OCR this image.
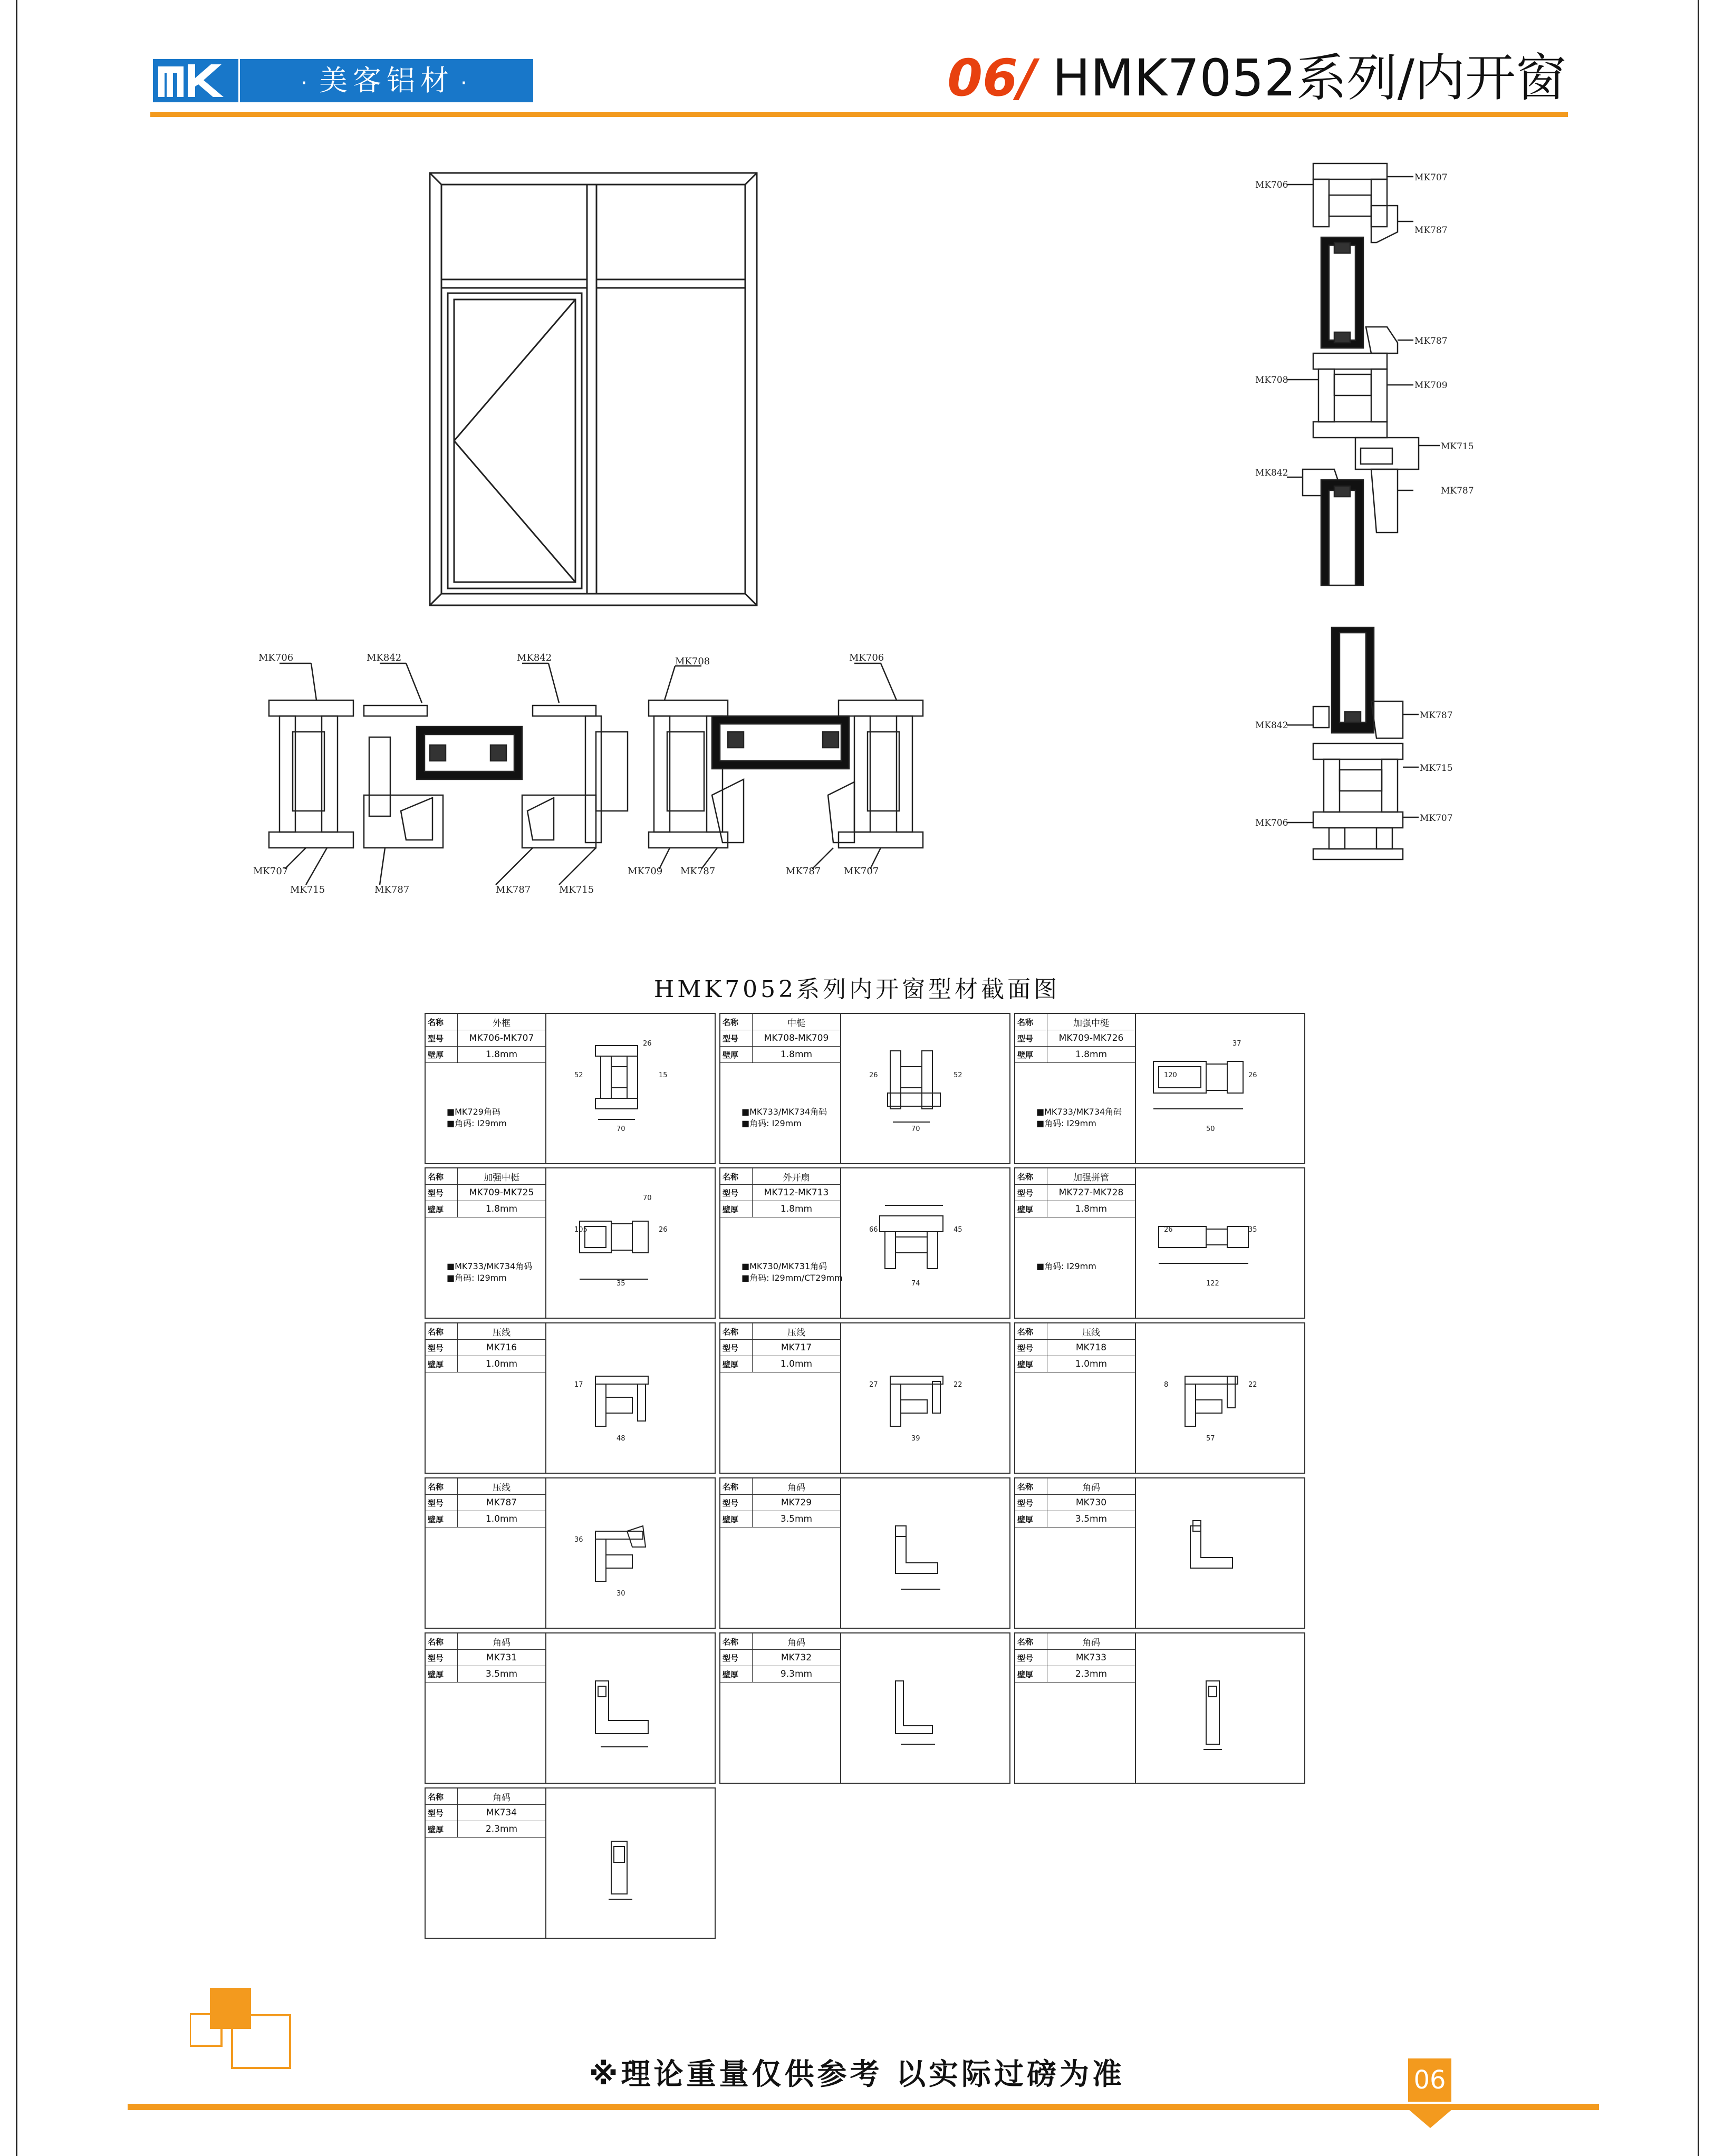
· 美客铝材 ·	06/ HMK7052系列/内开窗
MK706	MK842	MK842	MK708	MK706
MK707
MK715	MK787	MK787	MK715
MK709 MK787	MK787 MK707
MK707
MK706
MK787
MK787
MK708	MK709
MK715
MK842
MK787
MK787
MK842
MK715
MK706	MK707
HMK7052系列内开窗型材截面图
名称	外框
型号	MK706-MK707
壁厚	1.8mm
■MK729角码
■角码: I29mm
70
52	15
26
名称	中梃
型号	MK708-MK709
壁厚	1.8mm
■MK733/MK734角码
■角码: I29mm
70
26	52
名称	加强中梃
型号	MK709-MK726
壁厚	1.8mm
■MK733/MK734角码
■角码: I29mm
50
120	26
37
名称	加强中梃
型号	MK709-MK725
壁厚	1.8mm
■MK733/MK734角码
■角码: I29mm
35
105	26
70
名称	外开扇
型号	MK712-MK713
壁厚	1.8mm
■MK730/MK731角码
■角码: I29mm/CT29mm
74
66	45
名称	加强拼管
型号	MK727-MK728
壁厚	1.8mm
■角码: I29mm
122
26	35
名称	压线
型号	MK716
壁厚	1.0mm
48
17
名称	压线
型号	MK717
壁厚	1.0mm
39
27	22
名称	压线
型号	MK718
壁厚	1.0mm
57
8	22
名称	压线
型号	MK787
壁厚	1.0mm
30
36
名称	角码
型号	MK729
壁厚	3.5mm
名称	角码
型号	MK730
壁厚	3.5mm
名称	角码
型号	MK731
壁厚	3.5mm
名称	角码
型号	MK732
壁厚	9.3mm
名称	角码
型号	MK733
壁厚	2.3mm
名称	角码
型号	MK734
壁厚	2.3mm
※理论重量仅供参考 以实际过磅为准	06
